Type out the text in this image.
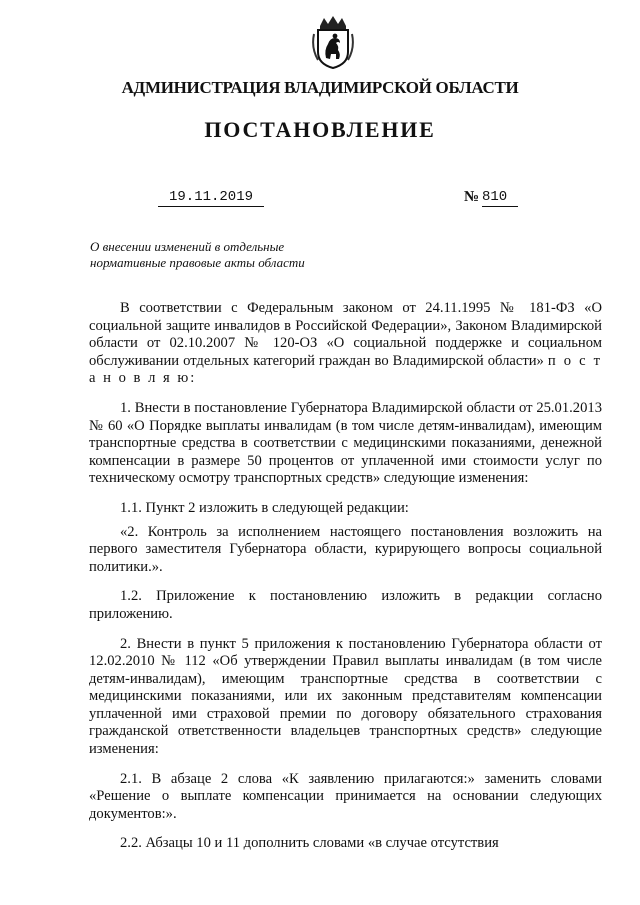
АДМИНИСТРАЦИЯ ВЛАДИМИРСКОЙ ОБЛАСТИ
ПОСТАНОВЛЕНИЕ
19.11.2019	№ 810
О внесении изменений в отдельные
нормативные правовые акты области

В соответствии с Федеральным законом от 24.11.1995 № 181-ФЗ «О социальной защите инвалидов в Российской Федерации», Законом Владимирской области от 02.10.2007 № 120-ОЗ «О социальной поддержке и социальном обслуживании отдельных категорий граждан во Владимирской области» п о с т а н о в л я ю:

1. Внести в постановление Губернатора Владимирской области от 25.01.2013 № 60 «О Порядке выплаты инвалидам (в том числе детям-инвалидам), имеющим транспортные средства в соответствии с медицинскими показаниями, денежной компенсации в размере 50 процентов от уплаченной ими стоимости услуг по техническому осмотру транспортных средств» следующие изменения:

1.1. Пункт 2 изложить в следующей редакции:

«2. Контроль за исполнением настоящего постановления возложить на первого заместителя Губернатора области, курирующего вопросы социальной политики.».

1.2. Приложение к постановлению изложить в редакции согласно приложению.

2. Внести в пункт 5 приложения к постановлению Губернатора области от 12.02.2010 № 112 «Об утверждении Правил выплаты инвалидам (в том числе детям-инвалидам), имеющим транспортные средства в соответствии с медицинскими показаниями, или их законным представителям компенсации уплаченной ими страховой премии по договору обязательного страхования гражданской ответственности владельцев транспортных средств» следующие изменения:

2.1. В абзаце 2 слова «К заявлению прилагаются:» заменить словами «Решение о выплате компенсации принимается на основании следующих документов:».

2.2. Абзацы 10 и 11 дополнить словами «в случае отсутствия
